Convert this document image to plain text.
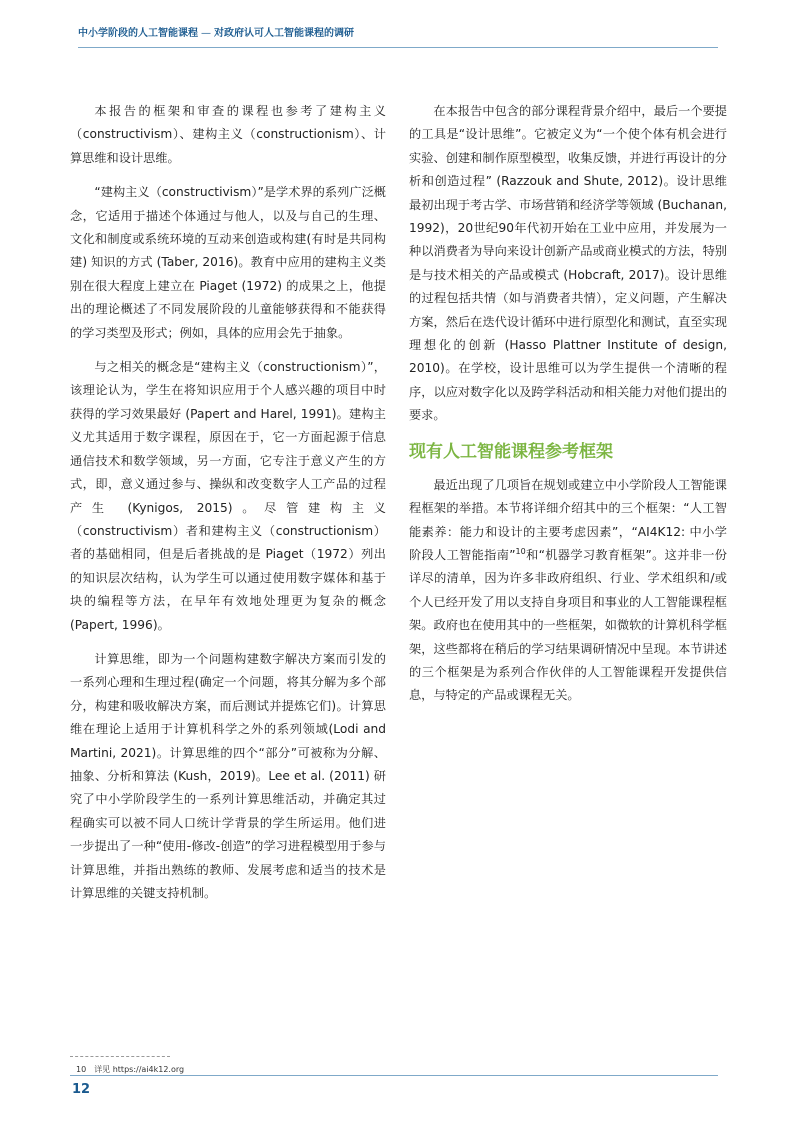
中小学阶段的人工智能课程 — 对政府认可人工智能课程的调研

本报告的框架和审查的课程也参考了建构主义（constructivism）、建构主义（constructionism）、计算思维和设计思维。

“建构主义（constructivism）”是学术界的系列广泛概念，它适用于描述个体通过与他人，以及与自己的生理、文化和制度或系统环境的互动来创造或构建(有时是共同构建) 知识的方式 (Taber, 2016)。教育中应用的建构主义类别在很大程度上建立在 Piaget (1972) 的成果之上，他提出的理论概述了不同发展阶段的儿童能够获得和不能获得的学习类型及形式；例如，具体的应用会先于抽象。

与之相关的概念是“建构主义（constructionism）”，该理论认为，学生在将知识应用于个人感兴趣的项目中时获得的学习效果最好 (Papert and Harel, 1991)。建构主义尤其适用于数字课程，原因在于，它一方面起源于信息通信技术和数学领域，另一方面，它专注于意义产生的方式，即，意义通过参与、操纵和改变数字人工产品的过程产生 (Kynigos, 2015)。尽管建构主义（constructivism）者和建构主义（constructionism）者的基础相同，但是后者挑战的是 Piaget（1972）列出的知识层次结构，认为学生可以通过使用数字媒体和基于块的编程等方法，在早年有效地处理更为复杂的概念 (Papert, 1996)。

计算思维，即为一个问题构建数字解决方案而引发的一系列心理和生理过程(确定一个问题，将其分解为多个部分，构建和吸收解决方案，而后测试并提炼它们)。计算思维在理论上适用于计算机科学之外的系列领域(Lodi and Martini, 2021)。计算思维的四个“部分”可被称为分解、抽象、分析和算法 (Kush，2019)。Lee et al. (2011) 研究了中小学阶段学生的一系列计算思维活动，并确定其过程确实可以被不同人口统计学背景的学生所运用。他们进一步提出了一种“使用-修改-创造”的学习进程模型用于参与计算思维，并指出熟练的教师、发展考虑和适当的技术是计算思维的关键支持机制。

在本报告中包含的部分课程背景介绍中，最后一个要提的工具是“设计思维”。它被定义为“一个使个体有机会进行实验、创建和制作原型模型，收集反馈，并进行再设计的分析和创造过程” (Razzouk and Shute, 2012)。设计思维最初出现于考古学、市场营销和经济学等领域 (Buchanan, 1992)，20世纪90年代初开始在工业中应用，并发展为一种以消费者为导向来设计创新产品或商业模式的方法，特别是与技术相关的产品或模式 (Hobcraft, 2017)。设计思维的过程包括共情（如与消费者共情），定义问题，产生解决方案，然后在迭代设计循环中进行原型化和测试，直至实现理想化的创新 (Hasso Plattner Institute of design, 2010)。在学校，设计思维可以为学生提供一个清晰的程序，以应对数字化以及跨学科活动和相关能力对他们提出的要求。

现有人工智能课程参考框架

最近出现了几项旨在规划或建立中小学阶段人工智能课程框架的举措。本节将详细介绍其中的三个框架：“人工智能素养：能力和设计的主要考虑因素”，“AI4K12: 中小学阶段人工智能指南”$^{10}$和“机器学习教育框架”。这并非一份详尽的清单，因为许多非政府组织、行业、学术组织和/或个人已经开发了用以支持自身项目和事业的人工智能课程框架。政府也在使用其中的一些框架，如微软的计算机科学框架，这些都将在稍后的学习结果调研情况中呈现。本节讲述的三个框架是为系列合作伙伴的人工智能课程开发提供信息，与特定的产品或课程无关。

10 详见 https://ai4k12.org
12
